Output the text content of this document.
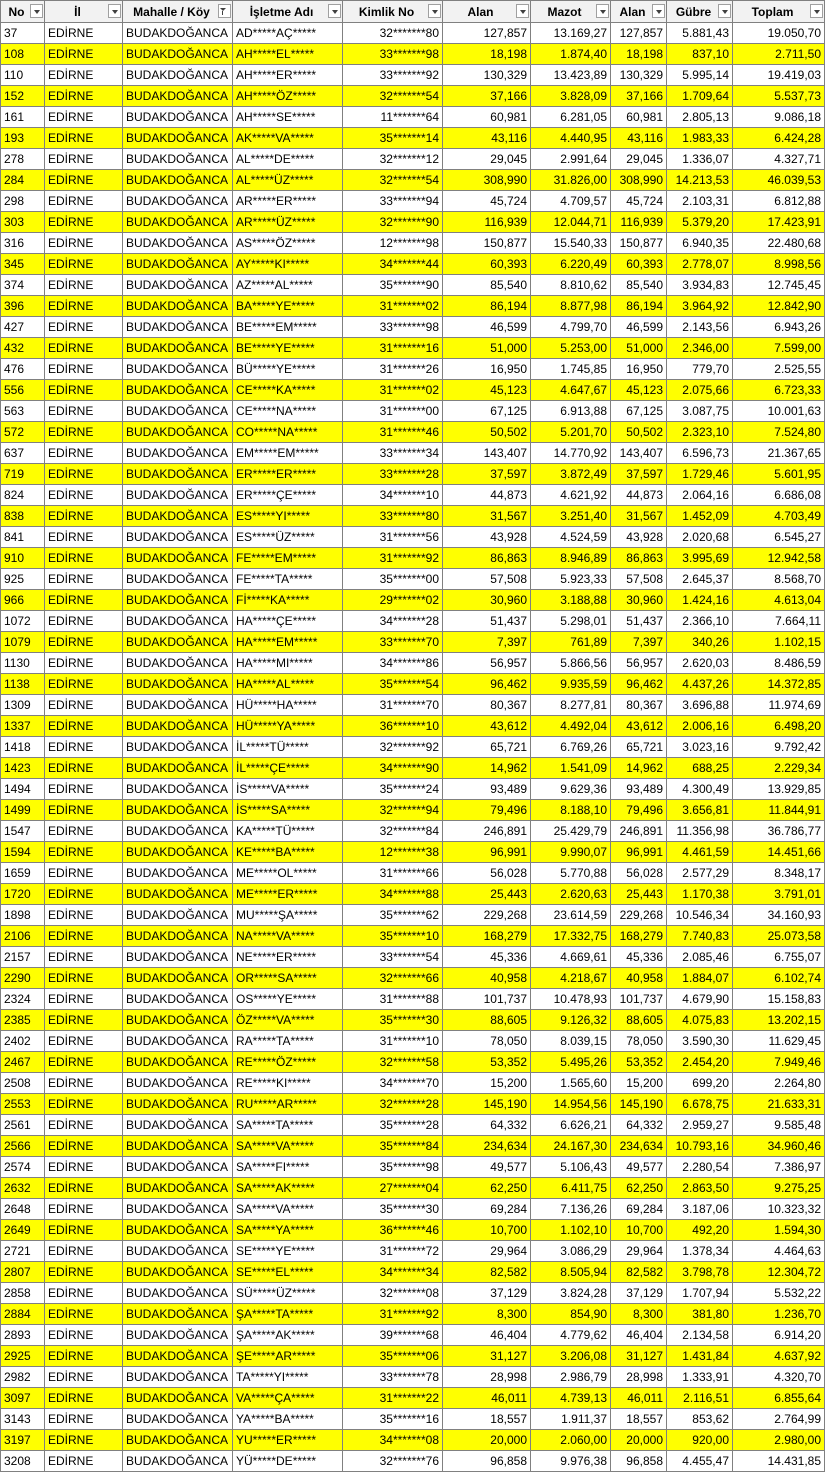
No	İl	Mahalle / Köy	İşletme Adı	Kimlik No	Alan	Mazot	Alan	Gübre	Toplam

37	EDİRNE	BUDAKDOĞANCA	AD*****AÇ*****	32*******80	127,857	13.169,27	127,857	5.881,43	19.050,70
108	EDİRNE	BUDAKDOĞANCA	AH*****EL*****	33*******98	18,198	1.874,40	18,198	837,10	2.711,50
110	EDİRNE	BUDAKDOĞANCA	AH*****ER*****	33*******92	130,329	13.423,89	130,329	5.995,14	19.419,03
152	EDİRNE	BUDAKDOĞANCA	AH*****ÖZ*****	32*******54	37,166	3.828,09	37,166	1.709,64	5.537,73
161	EDİRNE	BUDAKDOĞANCA	AH*****SE*****	11*******64	60,981	6.281,05	60,981	2.805,13	9.086,18
193	EDİRNE	BUDAKDOĞANCA	AK*****VA*****	35*******14	43,116	4.440,95	43,116	1.983,33	6.424,28
278	EDİRNE	BUDAKDOĞANCA	AL*****DE*****	32*******12	29,045	2.991,64	29,045	1.336,07	4.327,71
284	EDİRNE	BUDAKDOĞANCA	AL*****ÜZ*****	32*******54	308,990	31.826,00	308,990	14.213,53	46.039,53
298	EDİRNE	BUDAKDOĞANCA	AR*****ER*****	33*******94	45,724	4.709,57	45,724	2.103,31	6.812,88
303	EDİRNE	BUDAKDOĞANCA	AR*****ÜZ*****	32*******90	116,939	12.044,71	116,939	5.379,20	17.423,91
316	EDİRNE	BUDAKDOĞANCA	AS*****ÖZ*****	12*******98	150,877	15.540,33	150,877	6.940,35	22.480,68
345	EDİRNE	BUDAKDOĞANCA	AY*****KI*****	34*******44	60,393	6.220,49	60,393	2.778,07	8.998,56
374	EDİRNE	BUDAKDOĞANCA	AZ*****AL*****	35*******90	85,540	8.810,62	85,540	3.934,83	12.745,45
396	EDİRNE	BUDAKDOĞANCA	BA*****YE*****	31*******02	86,194	8.877,98	86,194	3.964,92	12.842,90
427	EDİRNE	BUDAKDOĞANCA	BE*****EM*****	33*******98	46,599	4.799,70	46,599	2.143,56	6.943,26
432	EDİRNE	BUDAKDOĞANCA	BE*****YE*****	31*******16	51,000	5.253,00	51,000	2.346,00	7.599,00
476	EDİRNE	BUDAKDOĞANCA	BÜ*****YE*****	31*******26	16,950	1.745,85	16,950	779,70	2.525,55
556	EDİRNE	BUDAKDOĞANCA	CE*****KA*****	31*******02	45,123	4.647,67	45,123	2.075,66	6.723,33
563	EDİRNE	BUDAKDOĞANCA	CE*****NA*****	31*******00	67,125	6.913,88	67,125	3.087,75	10.001,63
572	EDİRNE	BUDAKDOĞANCA	CO*****NA*****	31*******46	50,502	5.201,70	50,502	2.323,10	7.524,80
637	EDİRNE	BUDAKDOĞANCA	EM*****EM*****	33*******34	143,407	14.770,92	143,407	6.596,73	21.367,65
719	EDİRNE	BUDAKDOĞANCA	ER*****ER*****	33*******28	37,597	3.872,49	37,597	1.729,46	5.601,95
824	EDİRNE	BUDAKDOĞANCA	ER*****ÇE*****	34*******10	44,873	4.621,92	44,873	2.064,16	6.686,08
838	EDİRNE	BUDAKDOĞANCA	ES*****YI*****	33*******80	31,567	3.251,40	31,567	1.452,09	4.703,49
841	EDİRNE	BUDAKDOĞANCA	ES*****ÜZ*****	31*******56	43,928	4.524,59	43,928	2.020,68	6.545,27
910	EDİRNE	BUDAKDOĞANCA	FE*****EM*****	31*******92	86,863	8.946,89	86,863	3.995,69	12.942,58
925	EDİRNE	BUDAKDOĞANCA	FE*****TA*****	35*******00	57,508	5.923,33	57,508	2.645,37	8.568,70
966	EDİRNE	BUDAKDOĞANCA	Fİ*****KA*****	29*******02	30,960	3.188,88	30,960	1.424,16	4.613,04
1072	EDİRNE	BUDAKDOĞANCA	HA*****ÇE*****	34*******28	51,437	5.298,01	51,437	2.366,10	7.664,11
1079	EDİRNE	BUDAKDOĞANCA	HA*****EM*****	33*******70	7,397	761,89	7,397	340,26	1.102,15
1130	EDİRNE	BUDAKDOĞANCA	HA*****MI*****	34*******86	56,957	5.866,56	56,957	2.620,03	8.486,59
1138	EDİRNE	BUDAKDOĞANCA	HA*****AL*****	35*******54	96,462	9.935,59	96,462	4.437,26	14.372,85
1309	EDİRNE	BUDAKDOĞANCA	HÜ*****HA*****	31*******70	80,367	8.277,81	80,367	3.696,88	11.974,69
1337	EDİRNE	BUDAKDOĞANCA	HÜ*****YA*****	36*******10	43,612	4.492,04	43,612	2.006,16	6.498,20
1418	EDİRNE	BUDAKDOĞANCA	İL*****TÜ*****	32*******92	65,721	6.769,26	65,721	3.023,16	9.792,42
1423	EDİRNE	BUDAKDOĞANCA	İL*****ÇE*****	34*******90	14,962	1.541,09	14,962	688,25	2.229,34
1494	EDİRNE	BUDAKDOĞANCA	İS*****VA*****	35*******24	93,489	9.629,36	93,489	4.300,49	13.929,85
1499	EDİRNE	BUDAKDOĞANCA	İS*****SA*****	32*******94	79,496	8.188,10	79,496	3.656,81	11.844,91
1547	EDİRNE	BUDAKDOĞANCA	KA*****TÜ*****	32*******84	246,891	25.429,79	246,891	11.356,98	36.786,77
1594	EDİRNE	BUDAKDOĞANCA	KE*****BA*****	12*******38	96,991	9.990,07	96,991	4.461,59	14.451,66
1659	EDİRNE	BUDAKDOĞANCA	ME*****OL*****	31*******66	56,028	5.770,88	56,028	2.577,29	8.348,17
1720	EDİRNE	BUDAKDOĞANCA	ME*****ER*****	34*******88	25,443	2.620,63	25,443	1.170,38	3.791,01
1898	EDİRNE	BUDAKDOĞANCA	MU*****ŞA*****	35*******62	229,268	23.614,59	229,268	10.546,34	34.160,93
2106	EDİRNE	BUDAKDOĞANCA	NA*****VA*****	35*******10	168,279	17.332,75	168,279	7.740,83	25.073,58
2157	EDİRNE	BUDAKDOĞANCA	NE*****ER*****	33*******54	45,336	4.669,61	45,336	2.085,46	6.755,07
2290	EDİRNE	BUDAKDOĞANCA	OR*****SA*****	32*******66	40,958	4.218,67	40,958	1.884,07	6.102,74
2324	EDİRNE	BUDAKDOĞANCA	OS*****YE*****	31*******88	101,737	10.478,93	101,737	4.679,90	15.158,83
2385	EDİRNE	BUDAKDOĞANCA	ÖZ*****VA*****	35*******30	88,605	9.126,32	88,605	4.075,83	13.202,15
2402	EDİRNE	BUDAKDOĞANCA	RA*****TA*****	31*******10	78,050	8.039,15	78,050	3.590,30	11.629,45
2467	EDİRNE	BUDAKDOĞANCA	RE*****ÖZ*****	32*******58	53,352	5.495,26	53,352	2.454,20	7.949,46
2508	EDİRNE	BUDAKDOĞANCA	RE*****KI*****	34*******70	15,200	1.565,60	15,200	699,20	2.264,80
2553	EDİRNE	BUDAKDOĞANCA	RU*****AR*****	32*******28	145,190	14.954,56	145,190	6.678,75	21.633,31
2561	EDİRNE	BUDAKDOĞANCA	SA*****TA*****	35*******28	64,332	6.626,21	64,332	2.959,27	9.585,48
2566	EDİRNE	BUDAKDOĞANCA	SA*****VA*****	35*******84	234,634	24.167,30	234,634	10.793,16	34.960,46
2574	EDİRNE	BUDAKDOĞANCA	SA*****FI*****	35*******98	49,577	5.106,43	49,577	2.280,54	7.386,97
2632	EDİRNE	BUDAKDOĞANCA	SA*****AK*****	27*******04	62,250	6.411,75	62,250	2.863,50	9.275,25
2648	EDİRNE	BUDAKDOĞANCA	SA*****VA*****	35*******30	69,284	7.136,26	69,284	3.187,06	10.323,32
2649	EDİRNE	BUDAKDOĞANCA	SA*****YA*****	36*******46	10,700	1.102,10	10,700	492,20	1.594,30
2721	EDİRNE	BUDAKDOĞANCA	SE*****YE*****	31*******72	29,964	3.086,29	29,964	1.378,34	4.464,63
2807	EDİRNE	BUDAKDOĞANCA	SE*****EL*****	34*******34	82,582	8.505,94	82,582	3.798,78	12.304,72
2858	EDİRNE	BUDAKDOĞANCA	SÜ*****ÜZ*****	32*******08	37,129	3.824,28	37,129	1.707,94	5.532,22
2884	EDİRNE	BUDAKDOĞANCA	ŞA*****TA*****	31*******92	8,300	854,90	8,300	381,80	1.236,70
2893	EDİRNE	BUDAKDOĞANCA	ŞA*****AK*****	39*******68	46,404	4.779,62	46,404	2.134,58	6.914,20
2925	EDİRNE	BUDAKDOĞANCA	ŞE*****AR*****	35*******06	31,127	3.206,08	31,127	1.431,84	4.637,92
2982	EDİRNE	BUDAKDOĞANCA	TA*****YI*****	33*******78	28,998	2.986,79	28,998	1.333,91	4.320,70
3097	EDİRNE	BUDAKDOĞANCA	VA*****ÇA*****	31*******22	46,011	4.739,13	46,011	2.116,51	6.855,64
3143	EDİRNE	BUDAKDOĞANCA	YA*****BA*****	35*******16	18,557	1.911,37	18,557	853,62	2.764,99
3197	EDİRNE	BUDAKDOĞANCA	YU*****ER*****	34*******08	20,000	2.060,00	20,000	920,00	2.980,00
3208	EDİRNE	BUDAKDOĞANCA	YÜ*****DE*****	32*******76	96,858	9.976,38	96,858	4.455,47	14.431,85
